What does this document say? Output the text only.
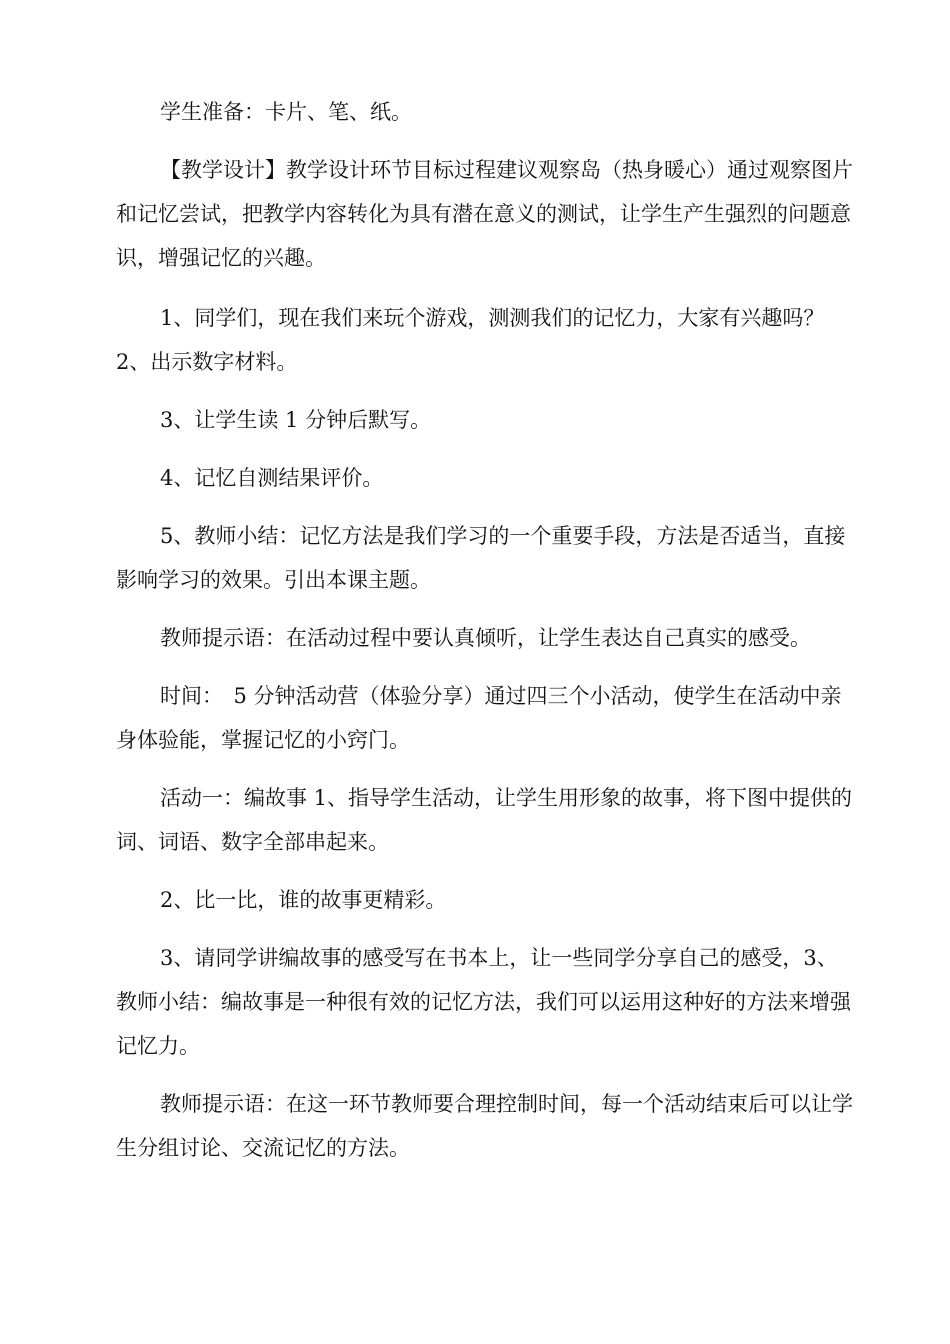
学生准备：卡片、笔、纸。

【教学设计】教学设计环节目标过程建议观察岛（热身暖心）通过观察图片和记忆尝试，把教学内容转化为具有潜在意义的测试，让学生产生强烈的问题意识，增强记忆的兴趣。

1、同学们，现在我们来玩个游戏，测测我们的记忆力，大家有兴趣吗？2、出示数字材料。

3、让学生读 1 分钟后默写。

4、记忆自测结果评价。

5、教师小结：记忆方法是我们学习的一个重要手段，方法是否适当，直接影响学习的效果。引出本课主题。

教师提示语：在活动过程中要认真倾听，让学生表达自己真实的感受。

时间：　5 分钟活动营（体验分享）通过四三个小活动，使学生在活动中亲身体验能，掌握记忆的小窍门。

活动一：编故事 1、指导学生活动，让学生用形象的故事，将下图中提供的词、词语、数字全部串起来。

2、比一比，谁的故事更精彩。

3、请同学讲编故事的感受写在书本上，让一些同学分享自己的感受，3、教师小结：编故事是一种很有效的记忆方法，我们可以运用这种好的方法来增强记忆力。

教师提示语：在这一环节教师要合理控制时间，每一个活动结束后可以让学生分组讨论、交流记忆的方法。
